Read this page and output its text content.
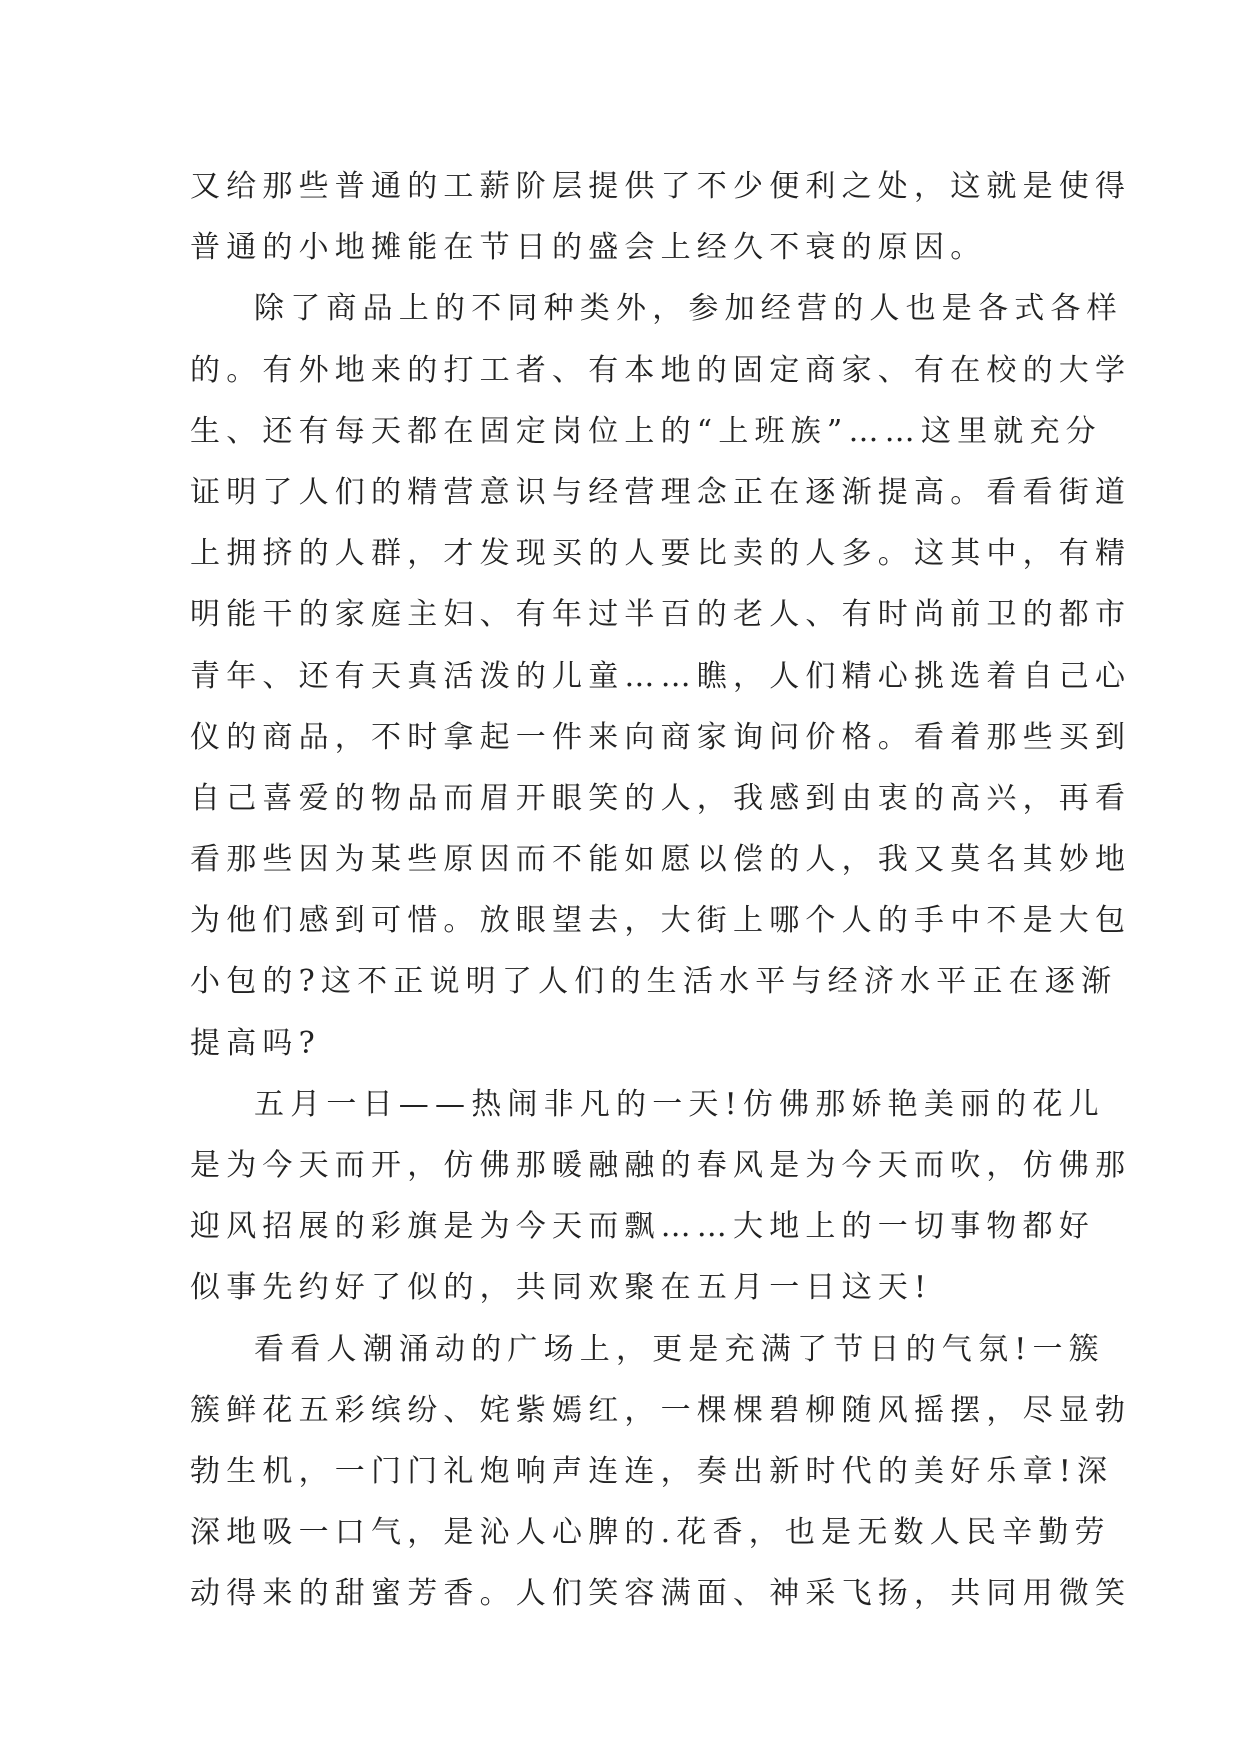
又给那些普通的工薪阶层提供了不少便利之处，这就是使得
普通的小地摊能在节日的盛会上经久不衰的原因。
除了商品上的不同种类外，参加经营的人也是各式各样
的。有外地来的打工者、有本地的固定商家、有在校的大学
生、还有每天都在固定岗位上的“上班族”……这里就充分
证明了人们的精营意识与经营理念正在逐渐提高。看看街道
上拥挤的人群，才发现买的人要比卖的人多。这其中，有精
明能干的家庭主妇、有年过半百的老人、有时尚前卫的都市
青年、还有天真活泼的儿童……瞧，人们精心挑选着自己心
仪的商品，不时拿起一件来向商家询问价格。看着那些买到
自己喜爱的物品而眉开眼笑的人，我感到由衷的高兴，再看
看那些因为某些原因而不能如愿以偿的人，我又莫名其妙地
为他们感到可惜。放眼望去，大街上哪个人的手中不是大包
小包的?这不正说明了人们的生活水平与经济水平正在逐渐
提高吗?
五月一日——热闹非凡的一天!仿佛那娇艳美丽的花儿
是为今天而开，仿佛那暖融融的春风是为今天而吹，仿佛那
迎风招展的彩旗是为今天而飘……大地上的一切事物都好
似事先约好了似的，共同欢聚在五月一日这天!
看看人潮涌动的广场上，更是充满了节日的气氛!一簇
簇鲜花五彩缤纷、姹紫嫣红，一棵棵碧柳随风摇摆，尽显勃
勃生机，一门门礼炮响声连连，奏出新时代的美好乐章!深
深地吸一口气，是沁人心脾的.花香，也是无数人民辛勤劳
动得来的甜蜜芳香。人们笑容满面、神采飞扬，共同用微笑
